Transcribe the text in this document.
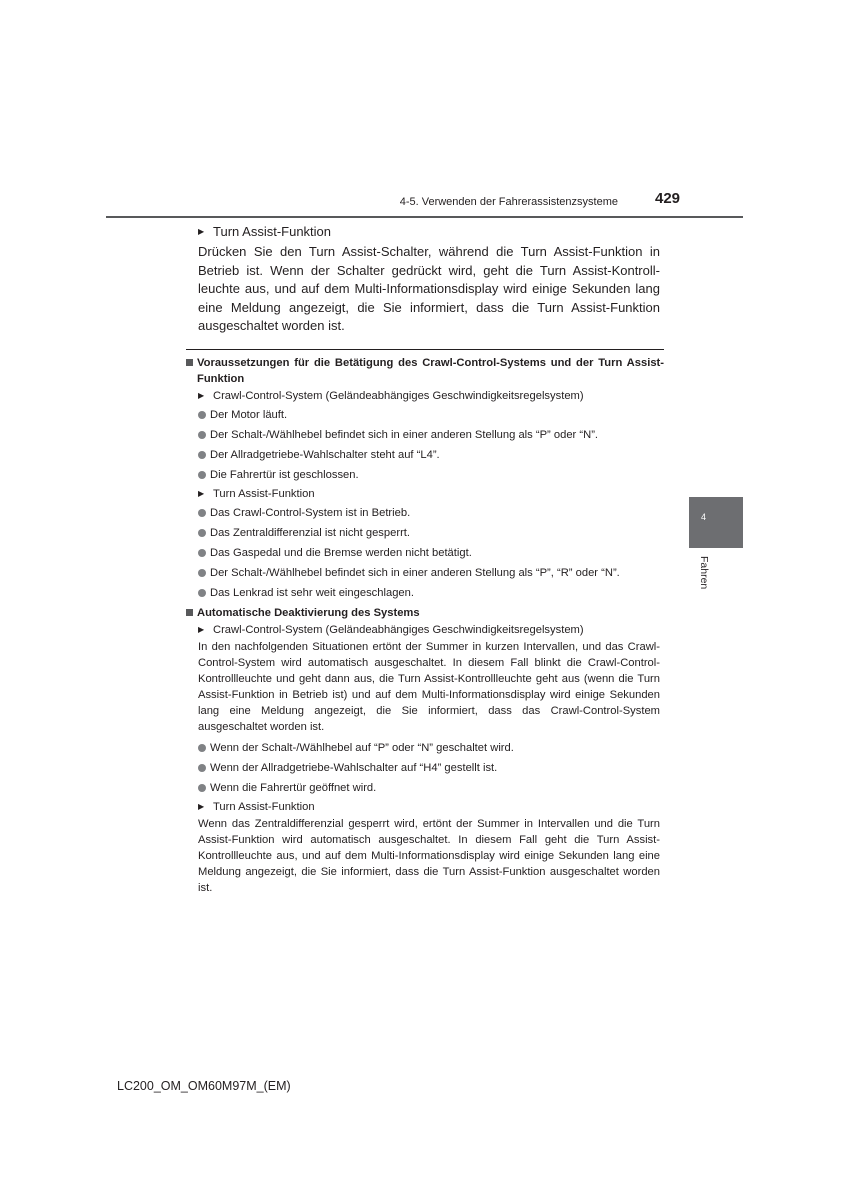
4-5. Verwenden der Fahrerassistenzsysteme 429
▶ Turn Assist-Funktion

Drücken Sie den Turn Assist-Schalter, während die Turn Assist-Funktion in Betrieb ist. Wenn der Schalter gedrückt wird, geht die Turn Assist-Kontrollleuchte aus, und auf dem Multi-Informationsdisplay wird einige Sekunden lang eine Meldung angezeigt, die Sie informiert, dass die Turn Assist-Funktion ausgeschaltet worden ist.

Voraussetzungen für die Betätigung des Crawl-Control-Systems und der Turn Assist-Funktion
▶ Crawl-Control-System (Geländeabhängiges Geschwindigkeitsregelsystem)
Der Motor läuft.
Der Schalt-/Wählhebel befindet sich in einer anderen Stellung als “P” oder “N”.
Der Allradgetriebe-Wahlschalter steht auf “L4”.
Die Fahrertür ist geschlossen.
▶ Turn Assist-Funktion
Das Crawl-Control-System ist in Betrieb.
Das Zentraldifferenzial ist nicht gesperrt.
Das Gaspedal und die Bremse werden nicht betätigt.
Der Schalt-/Wählhebel befindet sich in einer anderen Stellung als “P”, “R” oder “N”.
Das Lenkrad ist sehr weit eingeschlagen.
Automatische Deaktivierung des Systems
▶ Crawl-Control-System (Geländeabhängiges Geschwindigkeitsregelsystem)

In den nachfolgenden Situationen ertönt der Summer in kurzen Intervallen, und das Crawl-Control-System wird automatisch ausgeschaltet. In diesem Fall blinkt die Crawl-Control-Kontrollleuchte und geht dann aus, die Turn Assist-Kontrollleuchte geht aus (wenn die Turn Assist-Funktion in Betrieb ist) und auf dem Multi-Informationsdisplay wird einige Sekunden lang eine Meldung angezeigt, die Sie informiert, dass das Crawl-Control-System ausgeschaltet worden ist.

Wenn der Schalt-/Wählhebel auf “P” oder “N” geschaltet wird.
Wenn der Allradgetriebe-Wahlschalter auf “H4” gestellt ist.
Wenn die Fahrertür geöffnet wird.
▶ Turn Assist-Funktion

Wenn das Zentraldifferenzial gesperrt wird, ertönt der Summer in Intervallen und die Turn Assist-Funktion wird automatisch ausgeschaltet. In diesem Fall geht die Turn Assist-Kontrollleuchte aus, und auf dem Multi-Informationsdisplay wird einige Sekunden lang eine Meldung angezeigt, die Sie informiert, dass die Turn Assist-Funktion ausgeschaltet worden ist.

4
Fahren
LC200_OM_OM60M97M_(EM)
